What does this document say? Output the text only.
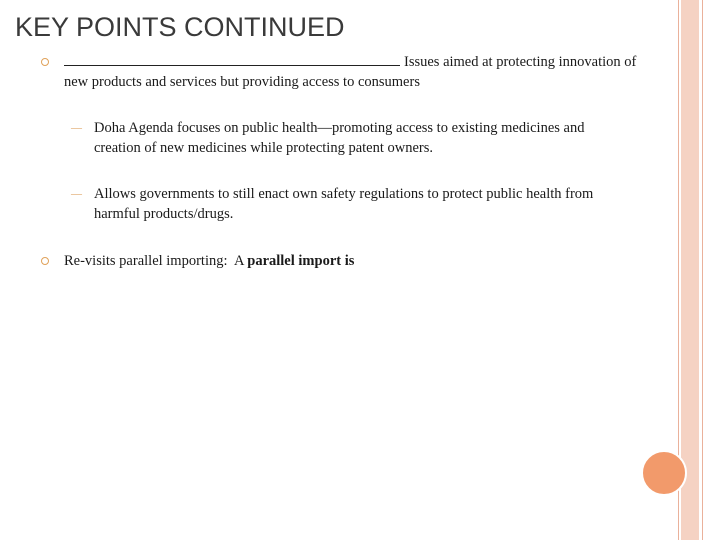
KEY POINTS CONTINUED
Issues aimed at protecting innovation of new products and services but providing access to consumers
— Doha Agenda focuses on public health—promoting access to existing medicines and creation of new medicines while protecting patent owners.
— Allows governments to still enact own safety regulations to protect public health from harmful products/drugs.
Re-visits parallel importing:  A parallel import is
